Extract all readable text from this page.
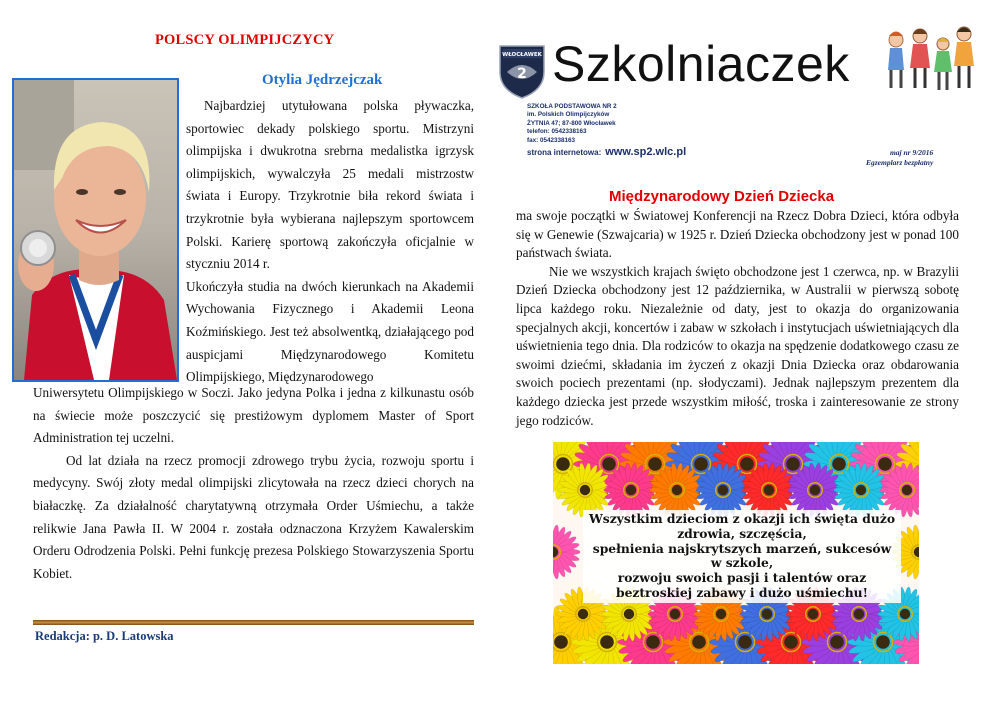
POLSCY OLIMPIJCZYCY
Otylia Jędrzejczak

Najbardziej utytułowana polska pływaczka, sportowiec dekady polskiego sportu. Mistrzyni olimpijska i dwukrotna srebrna medalistka igrzysk olimpijskich, wywalczyła 25 medali mistrzostw świata i Europy. Trzykrotnie biła rekord świata i trzykrotnie była wybierana najlepszym sportowcem Polski. Karierę sportową zakończyła oficjalnie w styczniu 2014 r.

Ukończyła studia na dwóch kierunkach na Akademii Wychowania Fizycznego i Akademii Leona Koźmińskiego. Jest też absolwentką, działającego pod auspicjami Międzynarodowego Komitetu Olimpijskiego, Międzynarodowego

Uniwersytetu Olimpijskiego w Soczi. Jako jedyna Polka i jedna z kilkunastu osób na świecie może poszczycić się prestiżowym dyplomem Master of Sport Administration tej uczelni.

Od lat działa na rzecz promocji zdrowego trybu życia, rozwoju sportu i medycyny. Swój złoty medal olimpijski zlicytowała na rzecz dzieci chorych na białaczkę. Za działalność charytatywną otrzymała Order Uśmiechu, a także relikwie Jana Pawła II. W 2004 r. została odznaczona Krzyżem Kawalerskim Orderu Odrodzenia Polski. Pełni funkcję prezesa Polskiego Stowarzyszenia Sportu Kobiet.

Redakcja: p. D. Latowska
WŁOCŁAWEK
2 Szkolniaczek
SZKOŁA PODSTAWOWA NR 2
im. Polskich Olimpijczyków
ŻYTNIA 47; 87-800 Włocławek
telefon: 0542338163
fax: 0542338163
strona internetowa: www.sp2.wlc.pl	maj nr 9/2016
Egzemplarz bezpłatny
Międzynarodowy Dzień Dziecka

ma swoje początki w Światowej Konferencji na Rzecz Dobra Dzieci, która odbyła się w Genewie (Szwajcaria) w 1925 r. Dzień Dziecka obchodzony jest w ponad 100 państwach świata.

Nie we wszystkich krajach święto obchodzone jest 1 czerwca, np. w Brazylii Dzień Dziecka obchodzony jest 12 października, w Australii w pierwszą sobotę lipca każdego roku. Niezależnie od daty, jest to okazja do organizowania specjalnych akcji, koncertów i zabaw w szkołach i instytucjach uświetniających dla uświetnienia tego dnia. Dla rodziców to okazja na spędzenie dodatkowego czasu ze swoimi dziećmi, składania im życzeń z okazji Dnia Dziecka oraz obdarowania swoich pociech prezentami (np. słodyczami). Jednak najlepszym prezentem dla każdego dziecka jest przede wszystkim miłość, troska i zainteresowanie ze strony jego rodziców.

Wszystkim dzieciom z okazji ich święta dużo
zdrowia, szczęścia,
spełnienia najskrytszych marzeń, sukcesów
w szkole,
rozwoju swoich pasji i talentów oraz
beztroskiej zabawy i dużo uśmiechu!
